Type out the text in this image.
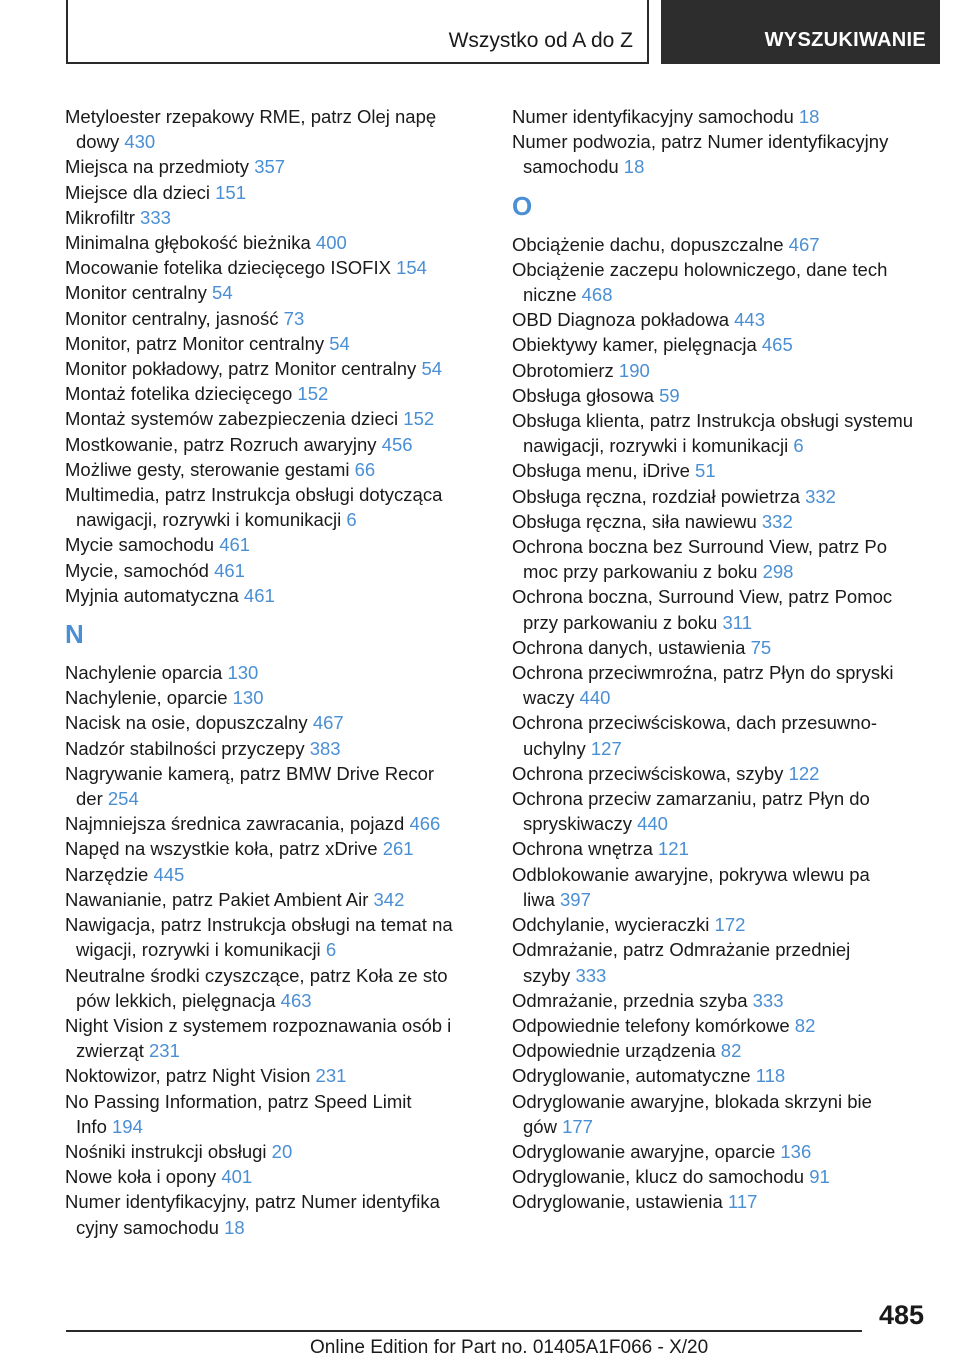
Wszystko od A do Z	WYSZUKIWANIE
Metyloester rzepakowy RME, patrz Olej napę
dowy 430
Miejsca na przedmioty 357
Miejsce dla dzieci 151
Mikrofiltr 333
Minimalna głębokość bieżnika 400
Mocowanie fotelika dziecięcego ISOFIX 154
Monitor centralny 54
Monitor centralny, jasność 73
Monitor, patrz Monitor centralny 54
Monitor pokładowy, patrz Monitor centralny 54
Montaż fotelika dziecięcego 152
Montaż systemów zabezpieczenia dzieci 152
Mostkowanie, patrz Rozruch awaryjny 456
Możliwe gesty, sterowanie gestami 66
Multimedia, patrz Instrukcja obsługi dotycząca
nawigacji, rozrywki i komunikacji 6
Mycie samochodu 461
Mycie, samochód 461
Myjnia automatyczna 461
N
Nachylenie oparcia 130
Nachylenie, oparcie 130
Nacisk na osie, dopuszczalny 467
Nadzór stabilności przyczepy 383
Nagrywanie kamerą, patrz BMW Drive Recor
der 254
Najmniejsza średnica zawracania, pojazd 466
Napęd na wszystkie koła, patrz xDrive 261
Narzędzie 445
Nawanianie, patrz Pakiet Ambient Air 342
Nawigacja, patrz Instrukcja obsługi na temat na
wigacji, rozrywki i komunikacji 6
Neutralne środki czyszczące, patrz Koła ze sto
pów lekkich, pielęgnacja 463
Night Vision z systemem rozpoznawania osób i
zwierząt 231
Noktowizor, patrz Night Vision 231
No Passing Information, patrz Speed Limit
Info 194
Nośniki instrukcji obsługi 20
Nowe koła i opony 401
Numer identyfikacyjny, patrz Numer identyfika
cyjny samochodu 18
Numer identyfikacyjny samochodu 18
Numer podwozia, patrz Numer identyfikacyjny
samochodu 18
O
Obciążenie dachu, dopuszczalne 467
Obciążenie zaczepu holowniczego, dane tech
niczne 468
OBD Diagnoza pokładowa 443
Obiektywy kamer, pielęgnacja 465
Obrotomierz 190
Obsługa głosowa 59
Obsługa klienta, patrz Instrukcja obsługi systemu
nawigacji, rozrywki i komunikacji 6
Obsługa menu, iDrive 51
Obsługa ręczna, rozdział powietrza 332
Obsługa ręczna, siła nawiewu 332
Ochrona boczna bez Surround View, patrz Po
moc przy parkowaniu z boku 298
Ochrona boczna, Surround View, patrz Pomoc
przy parkowaniu z boku 311
Ochrona danych, ustawienia 75
Ochrona przeciwmroźna, patrz Płyn do spryski
waczy 440
Ochrona przeciwściskowa, dach przesuwno-
uchylny 127
Ochrona przeciwściskowa, szyby 122
Ochrona przeciw zamarzaniu, patrz Płyn do
spryskiwaczy 440
Ochrona wnętrza 121
Odblokowanie awaryjne, pokrywa wlewu pa
liwa 397
Odchylanie, wycieraczki 172
Odmrażanie, patrz Odmrażanie przedniej
szyby 333
Odmrażanie, przednia szyba 333
Odpowiednie telefony komórkowe 82
Odpowiednie urządzenia 82
Odryglowanie, automatyczne 118
Odryglowanie awaryjne, blokada skrzyni bie
gów 177
Odryglowanie awaryjne, oparcie 136
Odryglowanie, klucz do samochodu 91
Odryglowanie, ustawienia 117
485
Online Edition for Part no. 01405A1F066 - X/20
